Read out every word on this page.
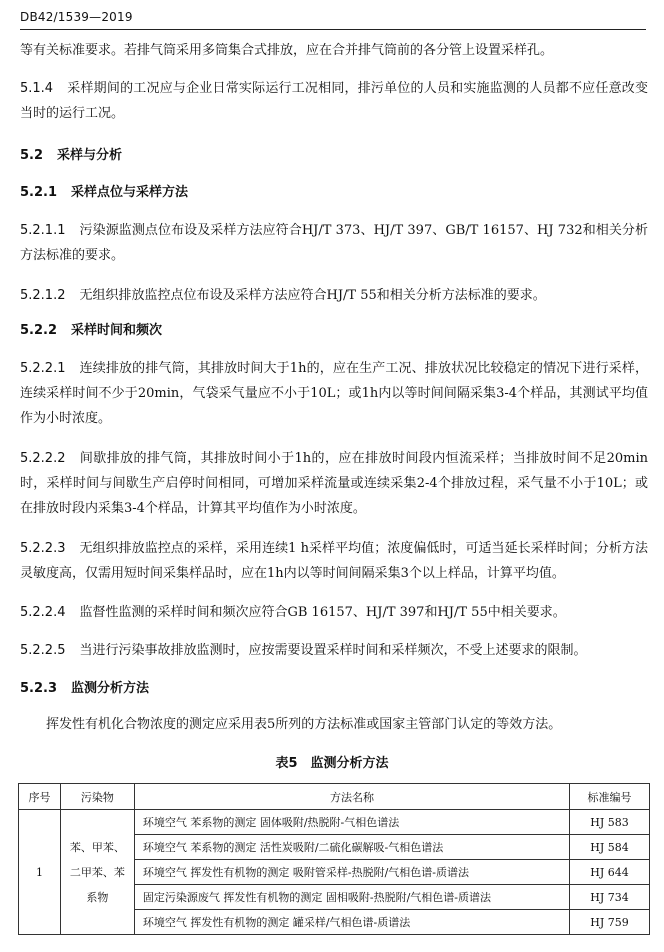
DB42/1539—2019

等有关标准要求。若排气筒采用多筒集合式排放，应在合并排气筒前的各分管上设置采样孔。

5.1.4 采样期间的工况应与企业日常实际运行工况相同，排污单位的人员和实施监测的人员都不应任意改变当时的运行工况。

5.2 采样与分析

5.2.1 采样点位与采样方法

5.2.1.1 污染源监测点位布设及采样方法应符合HJ/T 373、HJ/T 397、GB/T 16157、HJ 732和相关分析方法标准的要求。

5.2.1.2 无组织排放监控点位布设及采样方法应符合HJ/T 55和相关分析方法标准的要求。

5.2.2 采样时间和频次

5.2.2.1 连续排放的排气筒，其排放时间大于1h的，应在生产工况、排放状况比较稳定的情况下进行采样，连续采样时间不少于20min，气袋采气量应不小于10L；或1h内以等时间间隔采集3-4个样品，其测试平均值作为小时浓度。

5.2.2.2 间歇排放的排气筒，其排放时间小于1h的，应在排放时间段内恒流采样；当排放时间不足20min时，采样时间与间歇生产启停时间相同，可增加采样流量或连续采集2-4个排放过程，采气量不小于10L；或在排放时段内采集3-4个样品，计算其平均值作为小时浓度。

5.2.2.3 无组织排放监控点的采样，采用连续1 h采样平均值；浓度偏低时，可适当延长采样时间；分析方法灵敏度高，仅需用短时间采集样品时，应在1h内以等时间间隔采集3个以上样品，计算平均值。

5.2.2.4 监督性监测的采样时间和频次应符合GB 16157、HJ/T 397和HJ/T 55中相关要求。

5.2.2.5 当进行污染事故排放监测时，应按需要设置采样时间和采样频次，不受上述要求的限制。

5.2.3 监测分析方法

挥发性有机化合物浓度的测定应采用表5所列的方法标准或国家主管部门认定的等效方法。

表5　监测分析方法
序号	污染物	方法名称	标准编号
1	苯、甲苯、二甲苯、苯系物	环境空气 苯系物的测定 固体吸附/热脱附-气相色谱法	HJ 583
		环境空气 苯系物的测定 活性炭吸附/二硫化碳解吸-气相色谱法	HJ 584
		环境空气 挥发性有机物的测定 吸附管采样-热脱附/气相色谱-质谱法	HJ 644
		固定污染源废气 挥发性有机物的测定 固相吸附-热脱附/气相色谱-质谱法	HJ 734
		环境空气 挥发性有机物的测定 罐采样/气相色谱-质谱法	HJ 759
